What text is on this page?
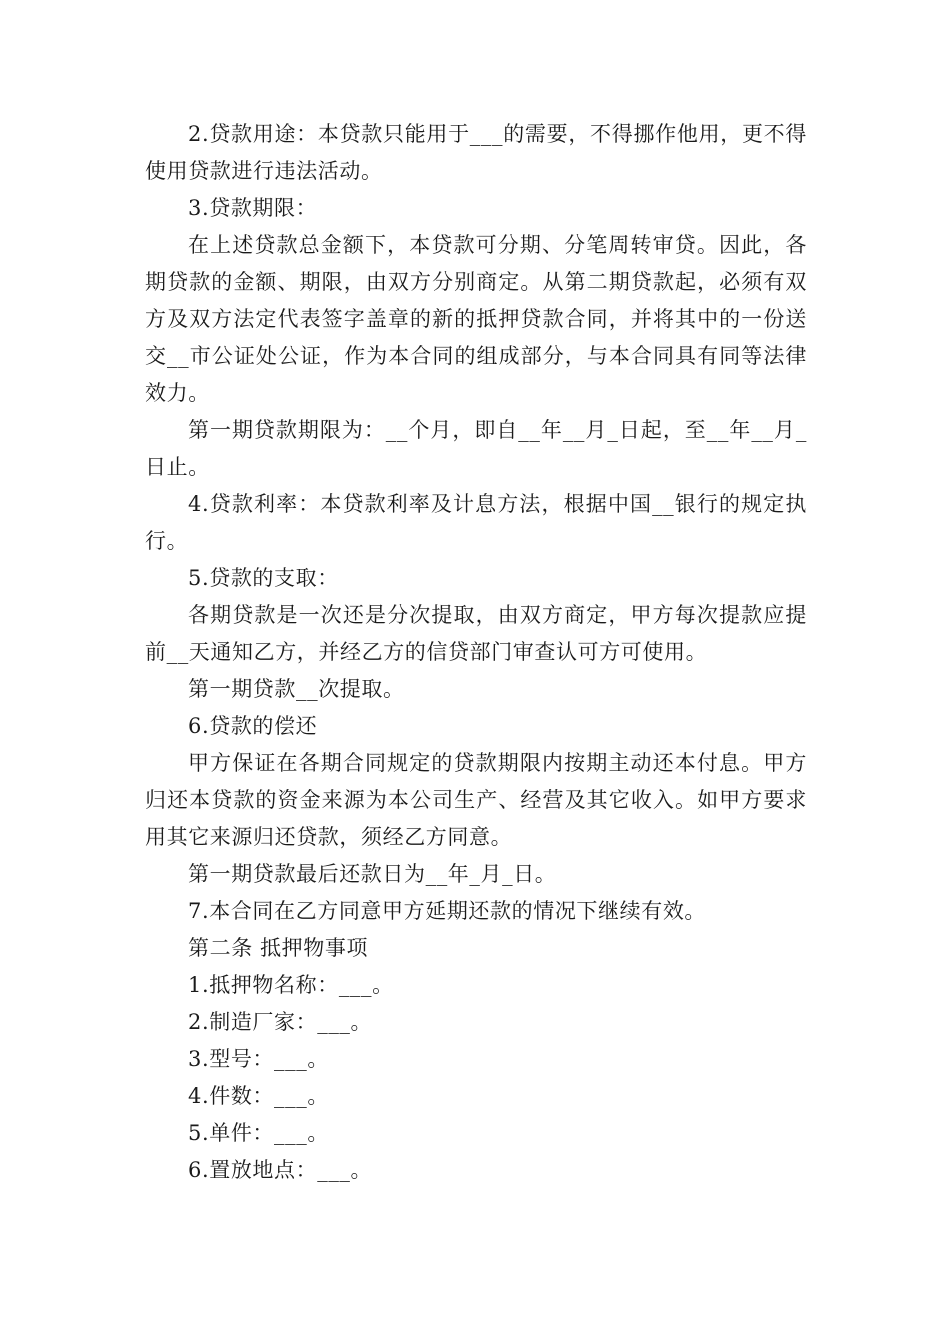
2.贷款用途：本贷款只能用于___的需要，不得挪作他用，更不得使用贷款进行违法活动。

3.贷款期限：

在上述贷款总金额下，本贷款可分期、分笔周转审贷。因此，各期贷款的金额、期限，由双方分别商定。从第二期贷款起，必须有双方及双方法定代表签字盖章的新的抵押贷款合同，并将其中的一份送交__市公证处公证，作为本合同的组成部分，与本合同具有同等法律效力。

第一期贷款期限为：__个月，即自__年__月_日起，至__年__月_日止。

4.贷款利率：本贷款利率及计息方法，根据中国__银行的规定执行。

5.贷款的支取：

各期贷款是一次还是分次提取，由双方商定，甲方每次提款应提前__天通知乙方，并经乙方的信贷部门审查认可方可使用。

第一期贷款__次提取。

6.贷款的偿还

甲方保证在各期合同规定的贷款期限内按期主动还本付息。甲方归还本贷款的资金来源为本公司生产、经营及其它收入。如甲方要求用其它来源归还贷款，须经乙方同意。

第一期贷款最后还款日为__年_月_日。

7.本合同在乙方同意甲方延期还款的情况下继续有效。

第二条 抵押物事项

1.抵押物名称：___。

2.制造厂家：___。

3.型号：___。

4.件数：___。

5.单件：___。

6.置放地点：___。
